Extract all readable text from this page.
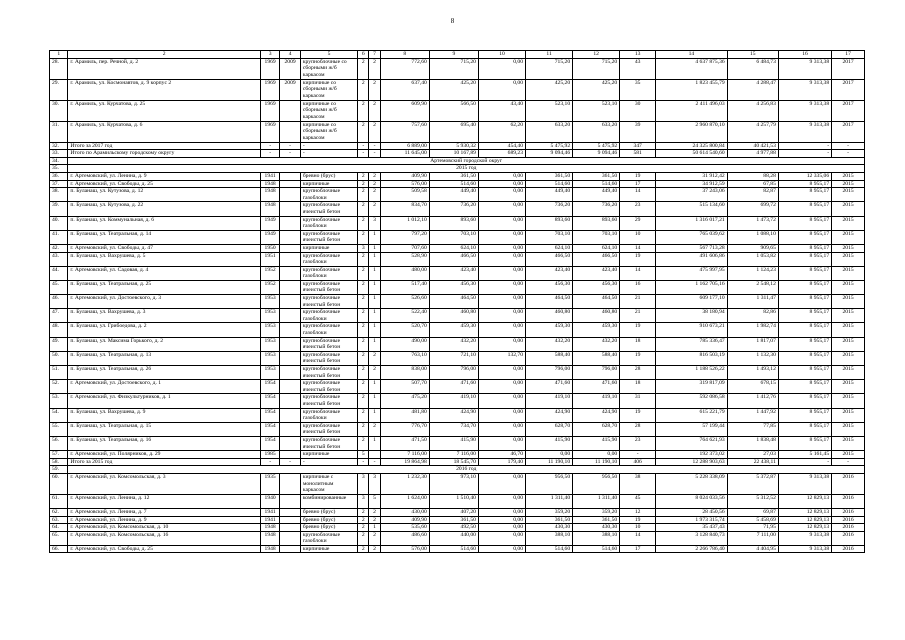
8
1	2	3	4	5	6	7	8	9	10	11	12	13	14	15	16	17
28.	г. Арамиль, пер. Речной, д. 2	1969	2009	крупноблочные со сборными ж/б каркасом	2	2	772,60	715,20	0,00	715,20	715,20	43	4 637 875,36	6 484,73	9 313,38	2017
29.	г. Арамиль, ул. Космонавтов, д. 9 корпус 2	1969	2009	кирпичные со сборными ж/б каркасом	2	2	637,40	425,20	0,00	425,20	425,20	35	1 823 455,79	4 288,47	9 313,38	2017
30.	г. Арамиль, ул. Курчатова, д. 25	1969		кирпичные со сборными ж/б каркасом	2	2	609,90	566,50	43,40	523,10	523,10	30	2 411 496,03	4 256,83	9 313,38	2017
31.	г. Арамиль, ул. Курчатова, д. 6	1969		кирпичные со сборными ж/б каркасом	2	2	757,60	695,40	62,20	633,20	633,20	39	2 960 870,10	4 257,79	9 313,38	2017
32.	Итого за 2017 год	-	-	-	-	-	6 889,00	5 930,32	454,40	5 475,92	5 475,92	347	24 325 800,84	40 421,53	-	-
33.	Итого по Арамильскому городскому округу	-	-	-	-	-	11 645,00	10 167,89	689,23	9 094,46	9 094,46	581	50 614 540,60	4 977,88	-	-
34.	Артемовский городской округ															
35.	2015 год															
36.	г. Артемовский, ул. Ленина, д. 9	1941		бревно (брус)	2	2	409,90	361,50	0,00	361,50	361,50	19	31 912,42	88,28	12 335,06	2015
37.	г. Артемовский, ул. Свободы, д. 25	1948		кирпичные	2	2	576,00	514,60	0,00	514,60	514,60	17	34 912,59	67,85	8 955,17	2015
38.	п. Буланаш, ул. Кутузова, д. 12	1948		крупноблочные газоблоки	2	2	509,58	449,40	0,00	449,40	449,40	14	37 243,06	82,87	8 955,17	2015
39.	п. Буланаш, ул. Кутузова, д. 22	1948		крупноблочные ячеистый бетон	2	2	834,70	736,20	0,00	736,20	736,20	23	515 134,60	699,72	8 955,17	2015
40.	п. Буланаш, ул. Коммунальная, д. 6	1949		крупноблочные газоблоки	2	3	1 012,10	893,60	0,00	893,60	893,60	29	1 316 017,21	1 473,72	8 955,17	2015
41.	п. Буланаш, ул. Театральная, д. 14	1949		крупноблочные ячеистый бетон	2	1	797,20	703,10	0,00	703,10	703,10	10	765 039,62	1 088,10	8 955,17	2015
42.	г. Артемовский, ул. Свободы, д. 47	1950		кирпичные	3	1	707,60	624,10	0,00	624,10	624,10	14	567 713,28	909,65	8 955,17	2015
43.	п. Буланаш, ул. Вахрушева, д. 5	1951		крупноблочные газоблоки	2	1	528,90	466,50	0,00	466,50	466,50	19	491 606,86	1 053,82	8 955,17	2015
44.	г. Артемовский, ул. Садовая, д. 4	1952		крупноблочные газоблоки	2	1	480,00	423,40	0,00	423,40	423,40	14	475 997,95	1 124,23	8 955,17	2015
45.	п. Буланаш, ул. Театральная, д. 25	1952		крупноблочные ячеистый бетон	2	1	517,40	456,30	0,00	456,30	456,30	16	1 162 705,16	2 548,12	8 955,17	2015
46.	г. Артемовский, ул. Достоевского, д. 3	1953		крупноблочные ячеистый бетон	2	1	526,60	464,50	0,00	464,50	464,50	21	609 177,10	1 311,47	8 955,17	2015
47.	п. Буланаш, ул. Вахрушева, д. 3	1953		крупноблочные газоблоки	2	1	522,40	460,80	0,00	460,80	460,80	21	38 180,94	82,86	8 955,17	2015
48.	п. Буланаш, ул. Грибоедова, д. 2	1953		крупноблочные газоблоки	2	1	520,70	459,30	0,00	459,30	459,30	19	910 673,21	1 982,74	8 955,17	2015
49.	п. Буланаш, ул. Максима Горького, д. 2	1953		крупноблочные ячеистый бетон	2	1	490,00	432,20	0,00	432,20	432,20	18	785 336,47	1 817,07	8 955,17	2015
50.	п. Буланаш, ул. Театральная, д. 13	1953		крупноблочные ячеистый бетон	2	2	763,10	721,10	132,70	588,40	588,40	19	816 503,19	1 132,30	8 955,17	2015
51.	п. Буланаш, ул. Театральная, д. 26	1953		крупноблочные ячеистый бетон	2	2	838,00	796,00	0,00	796,00	796,00	28	1 188 526,22	1 493,12	8 955,17	2015
52.	г. Артемовский, ул. Достоевского, д. 1	1954		крупноблочные ячеистый бетон	2	1	507,70	471,60	0,00	471,60	471,60	18	319 817,09	678,15	8 955,17	2015
53.	г. Артемовский, ул. Физкультурников, д. 1	1954		крупноблочные ячеистый бетон	2	1	475,20	419,10	0,00	419,10	419,10	31	592 086,58	1 412,76	8 955,17	2015
54.	п. Буланаш, ул. Вахрушева, д. 9	1954		крупноблочные газоблоки	2	1	481,80	424,90	0,00	424,90	424,90	19	615 221,79	1 447,92	8 955,17	2015
55.	п. Буланаш, ул. Театральная, д. 15	1954		крупноблочные ячеистый бетон	2	2	776,70	734,70	0,00	628,70	628,70	28	57 199,44	77,85	8 955,17	2015
56.	п. Буланаш, ул. Театральная, д. 16	1954		крупноблочные ячеистый бетон	2	1	471,50	415,90	0,00	415,90	415,90	23	764 621,93	1 838,48	8 955,17	2015
57.	г. Артемовский, ул. Полярников, д. 29	1985		кирпичные	5		7 116,00	7 116,00	46,70	0,00	0,00	-	192 373,02	27,03	5 161,45	2015
58.	Итого за 2015 год	-	-	-	-	-	19 864,98	18 545,70	179,40	11 190,10	11 190,10	406	12 288 903,63	22 438,11	-	-
59.	2016 год															
60.	г. Артемовский, ул. Комсомольская, д. 3	1935		кирпичные с монолитным каркасом	3	3	1 232,30	973,10	0,00	956,50	956,50	38	5 228 338,09	5 372,87	9 313,38	2016
61.	г. Артемовский, ул. Ленина, д. 12	1940		комбинированные	3	5	1 624,00	1 510,40	0,00	1 311,40	1 311,40	45	8 024 033,56	5 312,52	12 829,13	2016
62.	г. Артемовский, ул. Ленина, д. 7	1941		бревно (брус)	2	2	430,00	407,20	0,00	359,20	359,20	12	28 450,56	69,87	12 829,13	2016
63.	г. Артемовский, ул. Ленина, д. 9	1941		бревно (брус)	2	2	409,90	361,50	0,00	361,50	361,50	19	1 973 315,74	5 458,69	12 829,13	2016
64.	г. Артемовский, ул. Комсомольская, д. 10	1948		бревно (брус)	2	1	535,60	492,50	0,00	430,30	430,30	10	35 437,43	71,95	12 829,13	2016
65.	г. Артемовский, ул. Комсомольская, д. 16	1948		крупноблочные газоблоки	2	2	486,60	440,00	0,00	388,10	388,10	14	3 128 840,73	7 111,00	9 313,38	2016
66.	г. Артемовский, ул. Свободы, д. 25	1948		кирпичные	2	2	576,00	514,60	0,00	514,60	514,60	17	2 266 786,40	4 404,95	9 313,38	2016
